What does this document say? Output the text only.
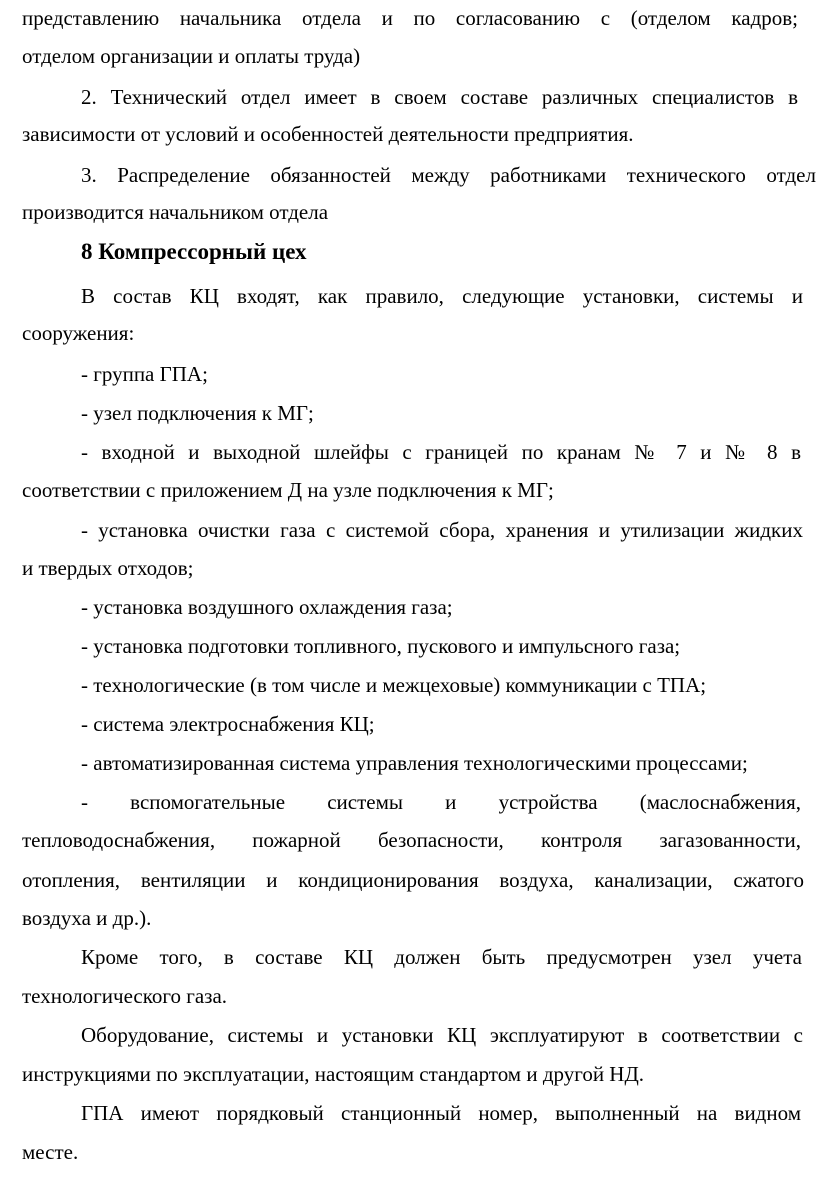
представлению начальника отдела и по согласованию с (отделом кадров;

отделом организации и оплаты труда)

2. Технический отдел имеет в своем составе различных специалистов в

зависимости от условий и особенностей деятельности предприятия.

3. Распределение обязанностей между работниками технического отдел

производится начальником отдела

8 Компрессорный цех

В состав КЦ входят, как правило, следующие установки, системы и

сооружения:

- группа ГПА;

- узел подключения к МГ;

- входной и выходной шлейфы с границей по кранам № 7 и № 8 в

соответствии с приложением Д на узле подключения к МГ;

- установка очистки газа с системой сбора, хранения и утилизации жидких

и твердых отходов;

- установка воздушного охлаждения газа;

- установка подготовки топливного, пускового и импульсного газа;

- технологические (в том числе и межцеховые) коммуникации с ТПА;

- система электроснабжения КЦ;

- автоматизированная система управления технологическими процессами;

- вспомогательные системы и устройства (маслоснабжения,

тепловодоснабжения, пожарной безопасности, контроля загазованности,

отопления, вентиляции и кондиционирования воздуха, канализации, сжатого

воздуха и др.).

Кроме того, в составе КЦ должен быть предусмотрен узел учета

технологического газа.

Оборудование, системы и установки КЦ эксплуатируют в соответствии с

инструкциями по эксплуатации, настоящим стандартом и другой НД.

ГПА имеют порядковый станционный номер, выполненный на видном

месте.
